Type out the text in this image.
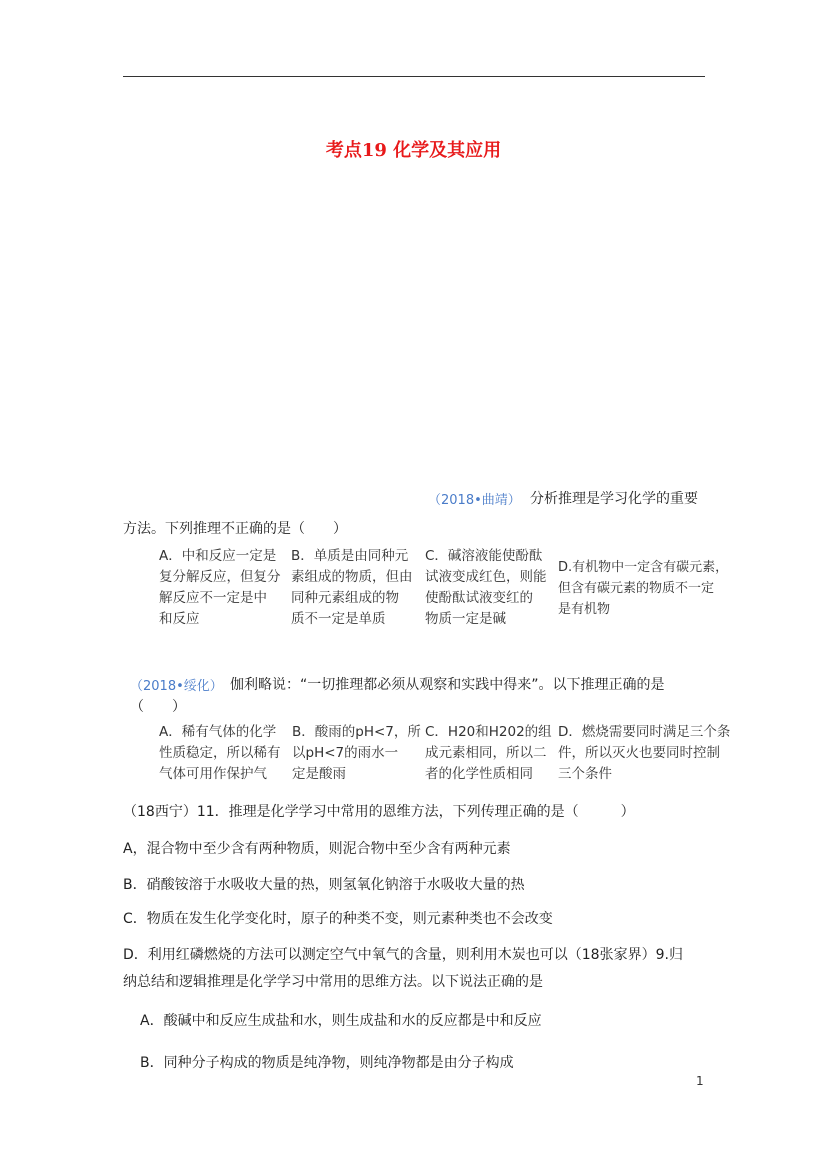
考点19 化学及其应用
（2018•曲靖） 分析推理是学习化学的重要
方法。下列推理不正确的是（　　）
A．中和反应一定是
复分解反应，但复分
解反应不一定是中
和反应
B．单质是由同种元
素组成的物质，但由
同种元素组成的物
质不一定是单质
C．碱溶液能使酚酞
试液变成红色，则能
使酚酞试液变红的
物质一定是碱
D.有机物中一定含有碳元素，
但含有碳元素的物质不一定
是有机物
（2018•绥化） 伽利略说：“一切推理都必须从观察和实践中得来”。以下推理正确的是
（　　）
A．稀有气体的化学
性质稳定，所以稀有
气体可用作保护气
B．酸雨的pH<7，所
以pH<7的雨水一
定是酸雨
C．H20和H202的组
成元素相同，所以二
者的化学性质相同
D．燃烧需要同时满足三个条
件，所以灭火也要同时控制
三个条件
（18西宁）11．推理是化学学习中常用的恩维方法，下列传理正确的是（　　　）
A，混合物中至少含有两种物质，则泥合物中至少含有两种元素
B．硝酸铵溶于水吸收大量的热，则氢氧化钠溶于水吸收大量的热
C．物质在发生化学变化时，原子的种类不变，则元素种类也不会改变
D．利用红磷燃烧的方法可以测定空气中氧气的含量，则利用木炭也可以（18张家界）9.归
纳总结和逻辑推理是化学学习中常用的思维方法。以下说法正确的是
A．酸碱中和反应生成盐和水，则生成盐和水的反应都是中和反应
B．同种分子构成的物质是纯净物，则纯净物都是由分子构成
1
